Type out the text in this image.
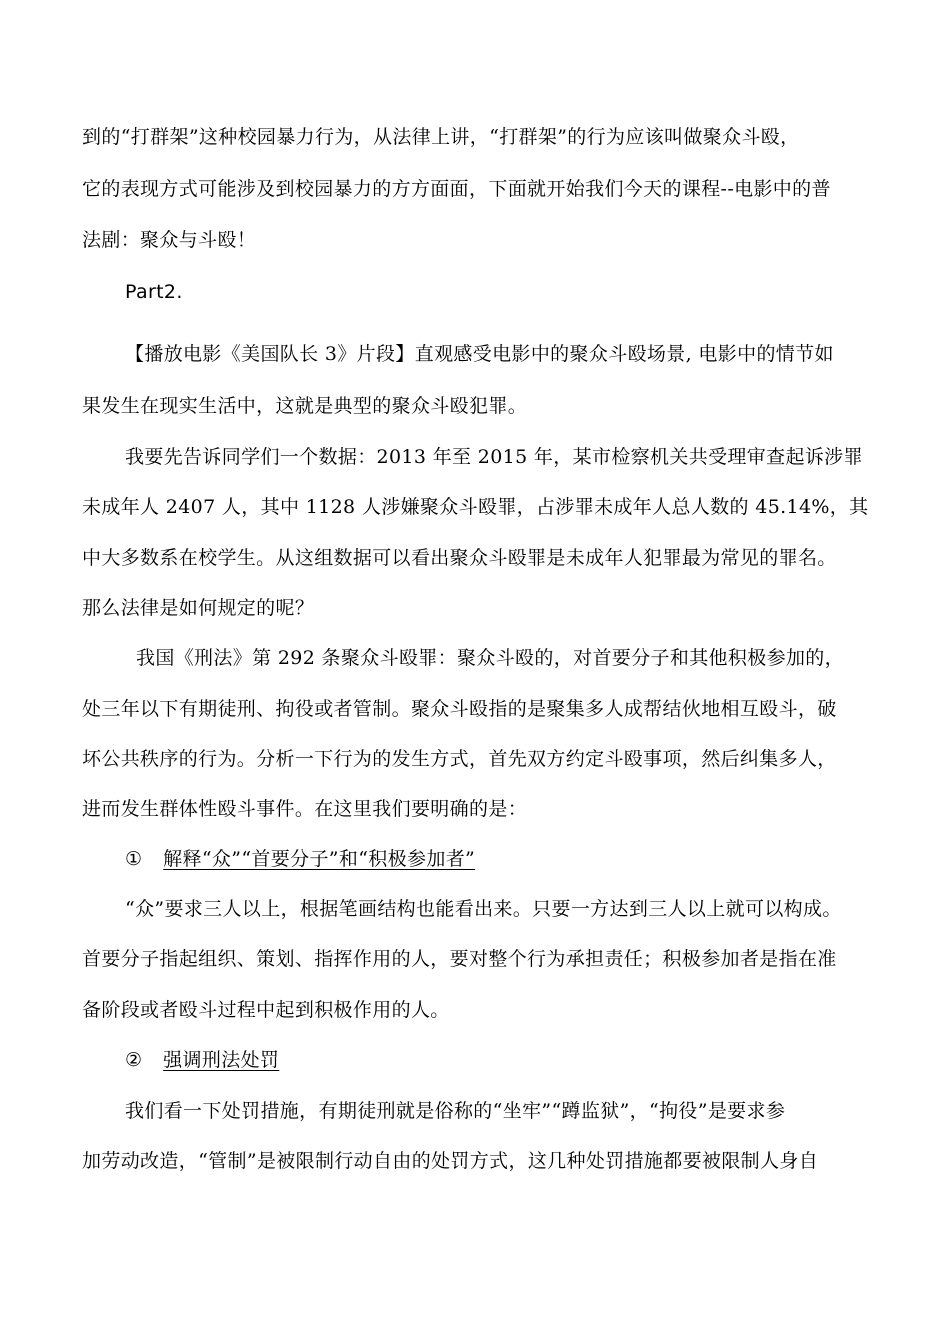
到的“打群架”这种校园暴力行为，从法律上讲，“打群架”的行为应该叫做聚众斗殴，
它的表现方式可能涉及到校园暴力的方方面面，下面就开始我们今天的课程--电影中的普
法剧：聚众与斗殴！
Part2.
【播放电影《美国队长 3》片段】直观感受电影中的聚众斗殴场景, 电影中的情节如
果发生在现实生活中，这就是典型的聚众斗殴犯罪。
我要先告诉同学们一个数据：2013 年至 2015 年，某市检察机关共受理审查起诉涉罪
未成年人 2407 人，其中 1128 人涉嫌聚众斗殴罪，占涉罪未成年人总人数的 45.14%，其
中大多数系在校学生。从这组数据可以看出聚众斗殴罪是未成年人犯罪最为常见的罪名。
那么法律是如何规定的呢？
我国《刑法》第 292 条聚众斗殴罪：聚众斗殴的，对首要分子和其他积极参加的，
处三年以下有期徒刑、拘役或者管制。聚众斗殴指的是聚集多人成帮结伙地相互殴斗，破
坏公共秩序的行为。分析一下行为的发生方式，首先双方约定斗殴事项，然后纠集多人，
进而发生群体性殴斗事件。在这里我们要明确的是：
① 解释“众”“首要分子”和“积极参加者”
“众”要求三人以上，根据笔画结构也能看出来。只要一方达到三人以上就可以构成。
首要分子指起组织、策划、指挥作用的人，要对整个行为承担责任；积极参加者是指在准
备阶段或者殴斗过程中起到积极作用的人。
② 强调刑法处罚
我们看一下处罚措施，有期徒刑就是俗称的“坐牢”“蹲监狱”，“拘役”是要求参
加劳动改造，“管制”是被限制行动自由的处罚方式，这几种处罚措施都要被限制人身自
